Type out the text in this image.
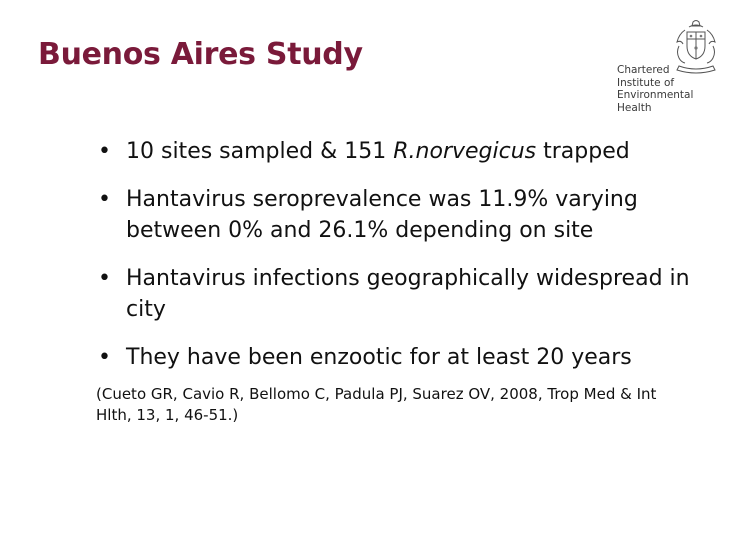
Buenos Aires Study	Chartered
Institute of
Environmental
Health
• 10 sites sampled & 151 R.norvegicus trapped
• Hantavirus seroprevalence was 11.9% varying between 0% and 26.1% depending on site
• Hantavirus infections geographically widespread in city
• They have been enzootic for at least 20 years

(Cueto GR, Cavio R, Bellomo C, Padula PJ, Suarez OV, 2008, Trop Med & Int Hlth, 13, 1, 46-51.)
